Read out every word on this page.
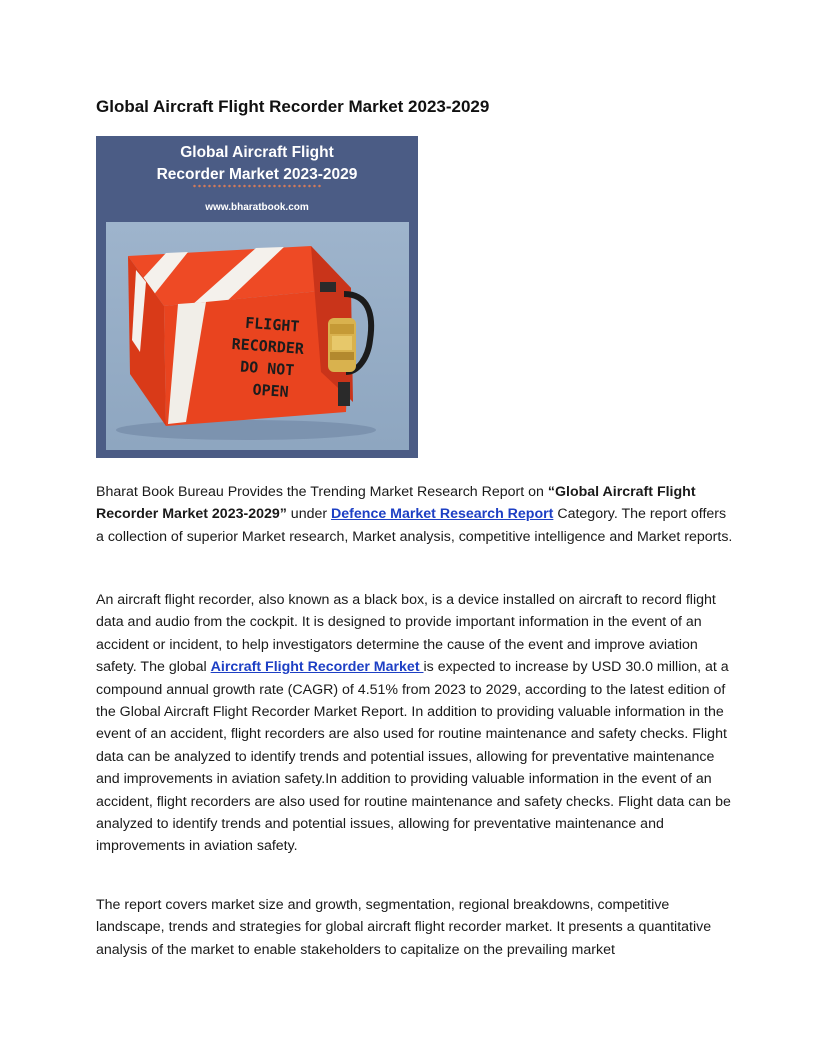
Global Aircraft Flight Recorder Market 2023-2029
Global Aircraft Flight
Recorder Market 2023-2029
www.bharatbook.com
FLIGHT
RECORDER
DO NOT
OPEN

Bharat Book Bureau Provides the Trending Market Research Report on “Global Aircraft Flight Recorder Market 2023-2029” under Defence Market Research Report Category. The report offers a collection of superior Market research, Market analysis, competitive intelligence and Market reports.

An aircraft flight recorder, also known as a black box, is a device installed on aircraft to record flight data and audio from the cockpit. It is designed to provide important information in the event of an accident or incident, to help investigators determine the cause of the event and improve aviation safety. The global Aircraft Flight Recorder Market is expected to increase by USD 30.0 million, at a compound annual growth rate (CAGR) of 4.51% from 2023 to 2029, according to the latest edition of the Global Aircraft Flight Recorder Market Report. In addition to providing valuable information in the event of an accident, flight recorders are also used for routine maintenance and safety checks. Flight data can be analyzed to identify trends and potential issues, allowing for preventative maintenance and improvements in aviation safety.In addition to providing valuable information in the event of an accident, flight recorders are also used for routine maintenance and safety checks. Flight data can be analyzed to identify trends and potential issues, allowing for preventative maintenance and improvements in aviation safety.

The report covers market size and growth, segmentation, regional breakdowns, competitive landscape, trends and strategies for global aircraft flight recorder market. It presents a quantitative analysis of the market to enable stakeholders to capitalize on the prevailing market
